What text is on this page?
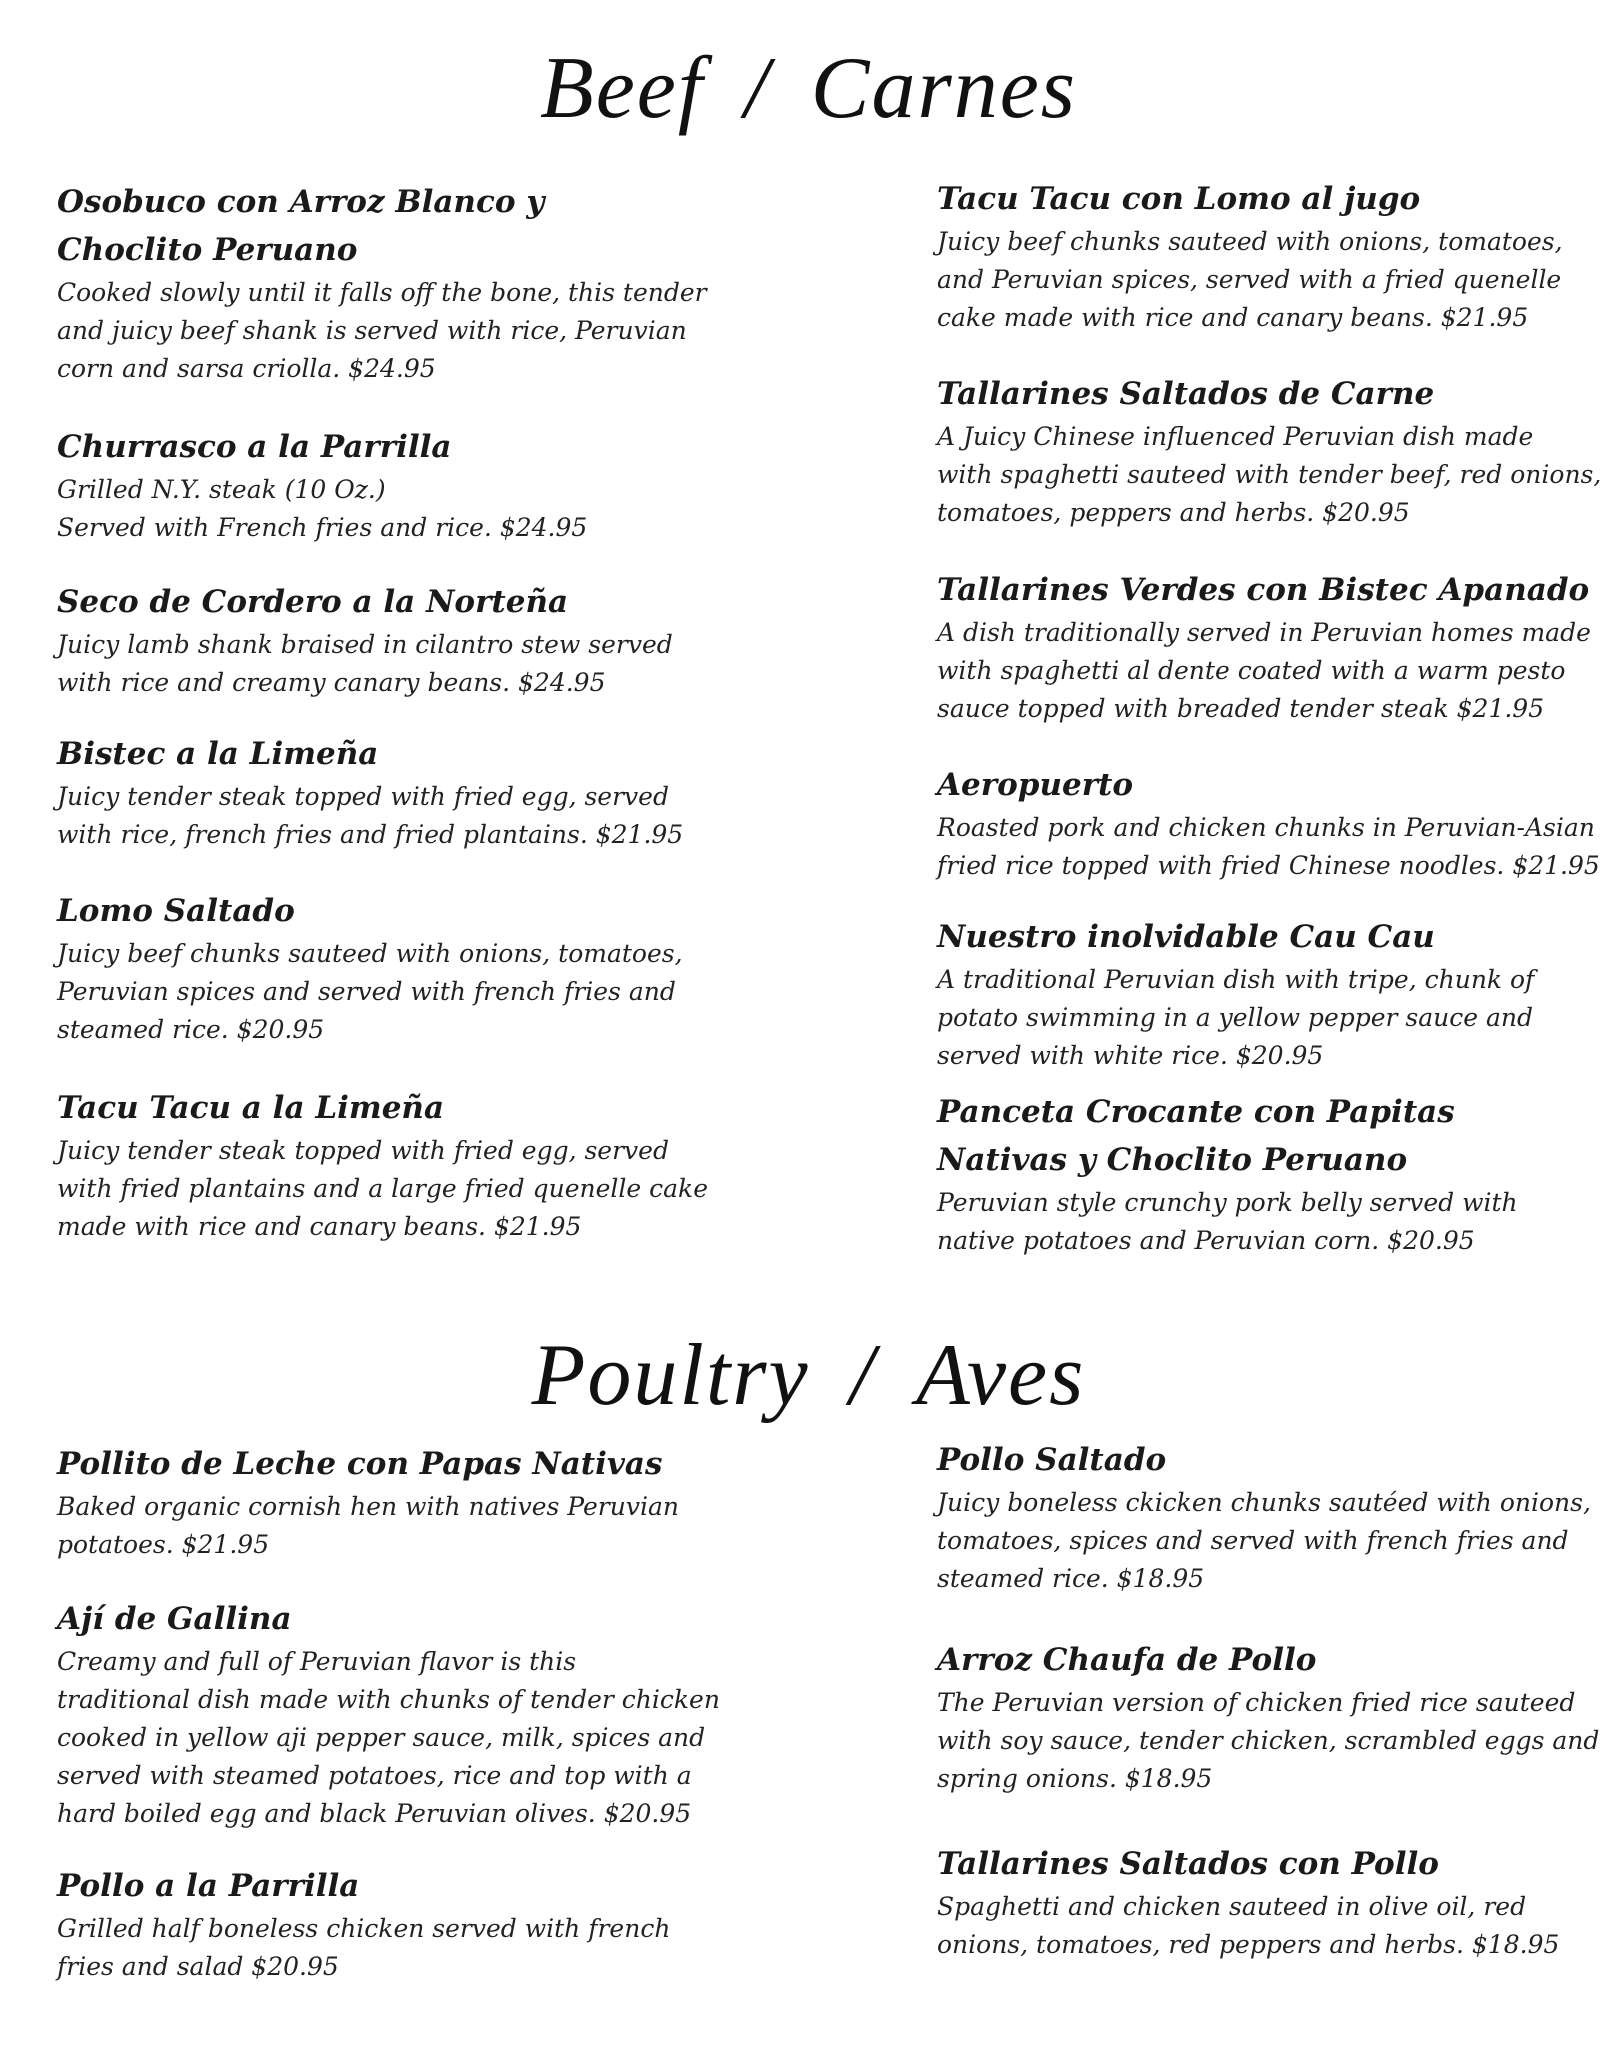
Beef / Carnes
Osobuco con Arroz Blanco y
Choclito Peruano
Cooked slowly until it falls off the bone, this tender
and juicy beef shank is served with rice, Peruvian
corn and sarsa criolla. $24.95
Churrasco a la Parrilla
Grilled N.Y. steak (10 Oz.)
Served with French fries and rice. $24.95
Seco de Cordero a la Norteña
Juicy lamb shank braised in cilantro stew served
with rice and creamy canary beans. $24.95
Bistec a la Limeña
Juicy tender steak topped with fried egg, served
with rice, french fries and fried plantains. $21.95
Lomo Saltado
Juicy beef chunks sauteed with onions, tomatoes,
Peruvian spices and served with french fries and
steamed rice. $20.95
Tacu Tacu a la Limeña
Juicy tender steak topped with fried egg, served
with fried plantains and a large fried quenelle cake
made with rice and canary beans. $21.95
Tacu Tacu con Lomo al jugo
Juicy beef chunks sauteed with onions, tomatoes,
and Peruvian spices, served with a fried quenelle
cake made with rice and canary beans. $21.95
Tallarines Saltados de Carne
A Juicy Chinese influenced Peruvian dish made
with spaghetti sauteed with tender beef, red onions,
tomatoes, peppers and herbs. $20.95
Tallarines Verdes con Bistec Apanado
A dish traditionally served in Peruvian homes made
with spaghetti al dente coated with a warm pesto
sauce topped with breaded tender steak $21.95
Aeropuerto
Roasted pork and chicken chunks in Peruvian-Asian
fried rice topped with fried Chinese noodles. $21.95
Nuestro inolvidable Cau Cau
A traditional Peruvian dish with tripe, chunk of
potato swimming in a yellow pepper sauce and
served with white rice. $20.95
Panceta Crocante con Papitas
Nativas y Choclito Peruano
Peruvian style crunchy pork belly served with
native potatoes and Peruvian corn. $20.95
Poultry / Aves
Pollito de Leche con Papas Nativas
Baked organic cornish hen with natives Peruvian
potatoes. $21.95
Ají de Gallina
Creamy and full of Peruvian flavor is this
traditional dish made with chunks of tender chicken
cooked in yellow aji pepper sauce, milk, spices and
served with steamed potatoes, rice and top with a
hard boiled egg and black Peruvian olives. $20.95
Pollo a la Parrilla
Grilled half boneless chicken served with french
fries and salad $20.95
Pollo Saltado
Juicy boneless ckicken chunks sautéed with onions,
tomatoes, spices and served with french fries and
steamed rice. $18.95
Arroz Chaufa de Pollo
The Peruvian version of chicken fried rice sauteed
with soy sauce, tender chicken, scrambled eggs and
spring onions. $18.95
Tallarines Saltados con Pollo
Spaghetti and chicken sauteed in olive oil, red
onions, tomatoes, red peppers and herbs. $18.95
